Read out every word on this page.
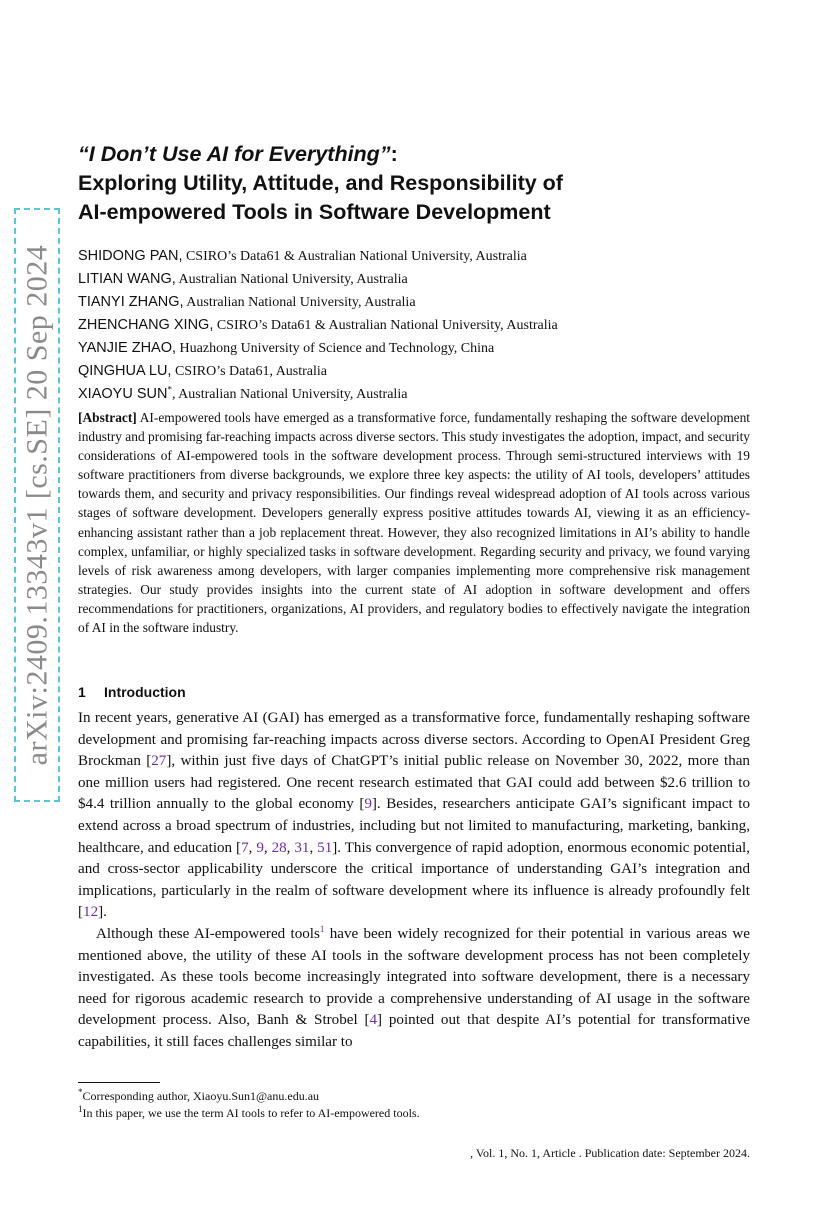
arXiv:2409.13343v1 [cs.SE] 20 Sep 2024
“I Don’t Use AI for Everything”:
Exploring Utility, Attitude, and Responsibility of
AI-empowered Tools in Software Development
SHIDONG PAN, CSIRO’s Data61 & Australian National University, Australia
LITIAN WANG, Australian National University, Australia
TIANYI ZHANG, Australian National University, Australia
ZHENCHANG XING, CSIRO’s Data61 & Australian National University, Australia
YANJIE ZHAO, Huazhong University of Science and Technology, China
QINGHUA LU, CSIRO’s Data61, Australia
XIAOYU SUN*, Australian National University, Australia
[Abstract] AI-empowered tools have emerged as a transformative force, fundamentally reshaping the software development industry and promising far-reaching impacts across diverse sectors. This study investigates the adoption, impact, and security considerations of AI-empowered tools in the software development process. Through semi-structured interviews with 19 software practitioners from diverse backgrounds, we explore three key aspects: the utility of AI tools, developers’ attitudes towards them, and security and privacy responsibilities. Our findings reveal widespread adoption of AI tools across various stages of software development. Developers generally express positive attitudes towards AI, viewing it as an efficiency-enhancing assistant rather than a job replacement threat. However, they also recognized limitations in AI’s ability to handle complex, unfamiliar, or highly specialized tasks in software development. Regarding security and privacy, we found varying levels of risk awareness among developers, with larger companies implementing more comprehensive risk management strategies. Our study provides insights into the current state of AI adoption in software development and offers recommendations for practitioners, organizations, AI providers, and regulatory bodies to effectively navigate the integration of AI in the software industry.
1 Introduction

In recent years, generative AI (GAI) has emerged as a transformative force, fundamentally reshaping software development and promising far-reaching impacts across diverse sectors. According to OpenAI President Greg Brockman [27], within just five days of ChatGPT’s initial public release on November 30, 2022, more than one million users had registered. One recent research estimated that GAI could add between $2.6 trillion to $4.4 trillion annually to the global economy [9]. Besides, researchers anticipate GAI’s significant impact to extend across a broad spectrum of industries, including but not limited to manufacturing, marketing, banking, healthcare, and education [7, 9, 28, 31, 51]. This convergence of rapid adoption, enormous economic potential, and cross-sector applicability underscore the critical importance of understanding GAI’s integration and implications, particularly in the realm of software development where its influence is already profoundly felt [12].

Although these AI-empowered tools$^1$ have been widely recognized for their potential in various areas we mentioned above, the utility of these AI tools in the software development process has not been completely investigated. As these tools become increasingly integrated into software development, there is a necessary need for rigorous academic research to provide a comprehensive understanding of AI usage in the software development process. Also, Banh & Strobel [4] pointed out that despite AI’s potential for transformative capabilities, it still faces challenges similar to

*Corresponding author, Xiaoyu.Sun1@anu.edu.au
$^1$In this paper, we use the term AI tools to refer to AI-empowered tools.
, Vol. 1, No. 1, Article . Publication date: September 2024.
